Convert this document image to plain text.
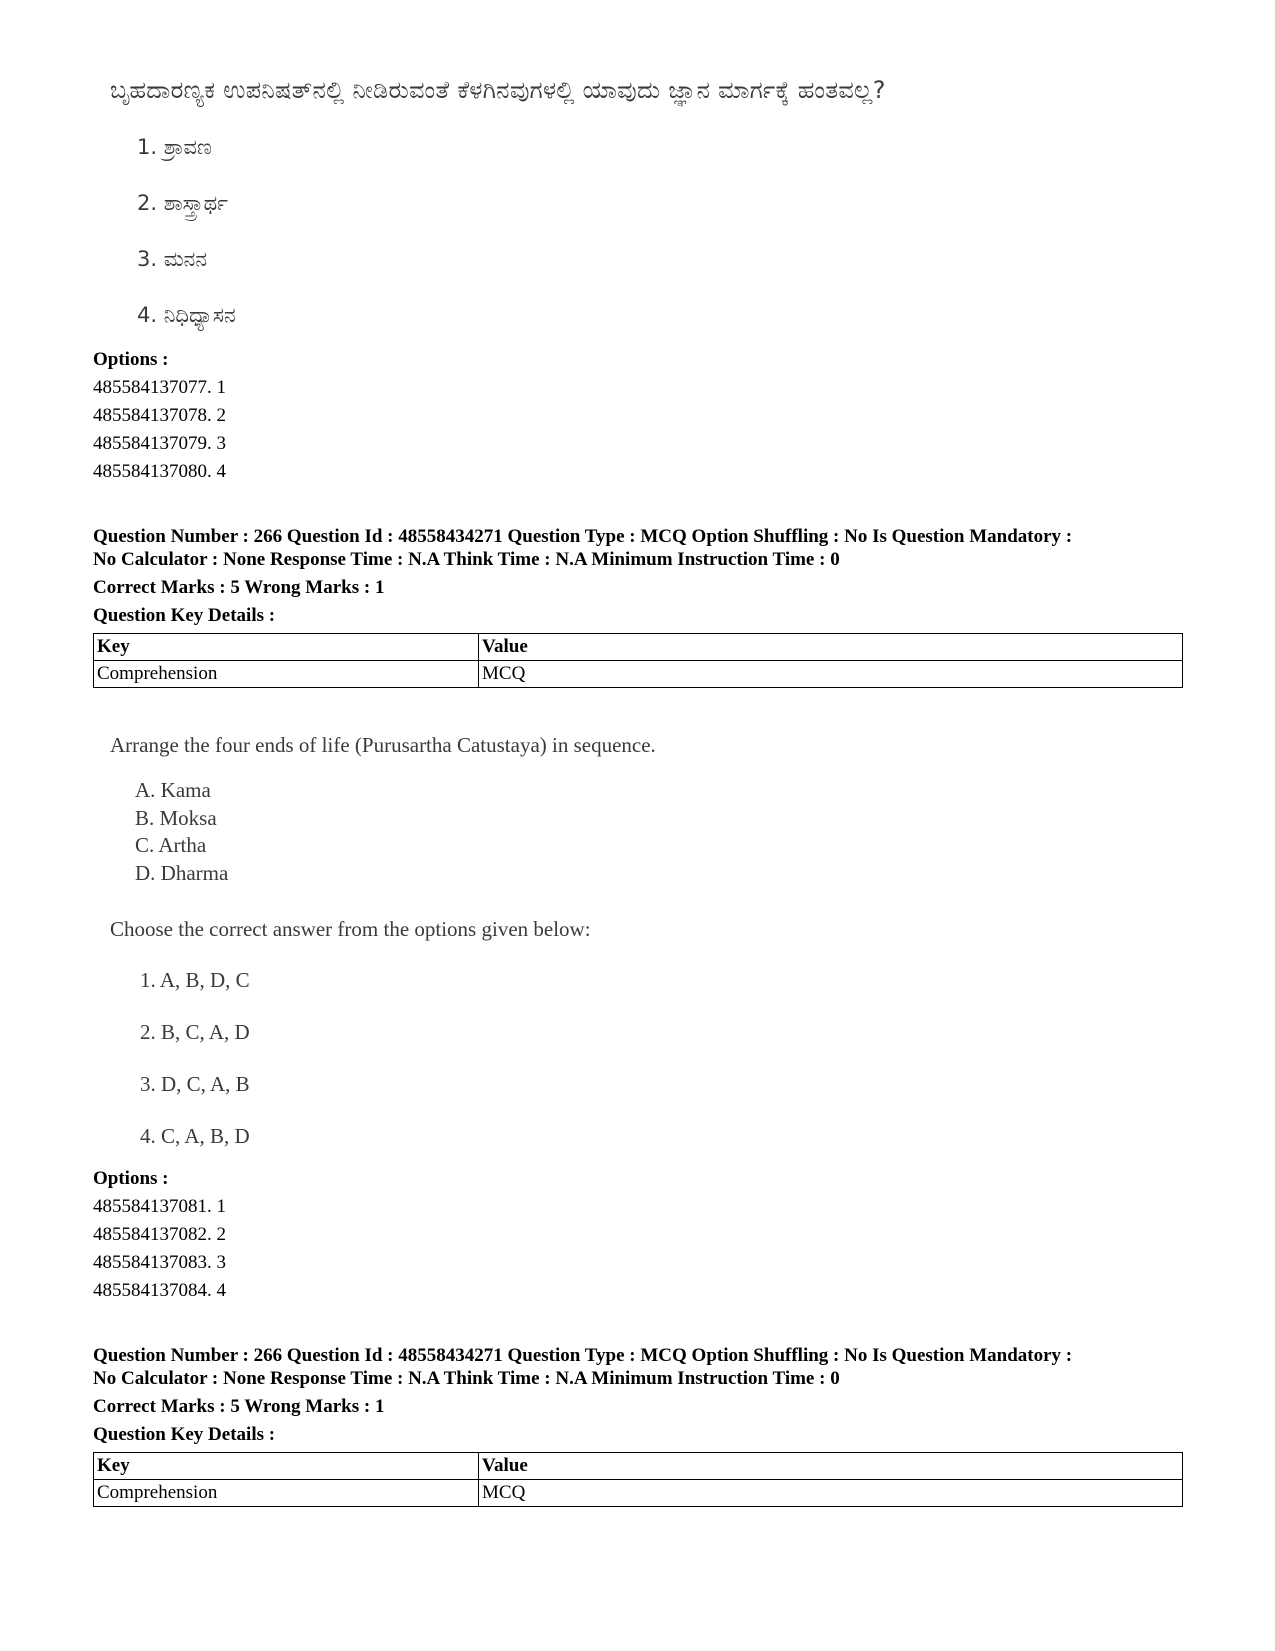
ಬೃಹದಾರಣ್ಯಕ ಉಪನಿಷತ್‌ನಲ್ಲಿ ನೀಡಿರುವಂತೆ ಕೆಳಗಿನವುಗಳಲ್ಲಿ ಯಾವುದು ಜ್ಞಾನ ಮಾರ್ಗಕ್ಕೆ ಹಂತವಲ್ಲ?
1. ಶ್ರಾವಣ
2. ಶಾಸ್ತ್ರಾರ್ಥ
3. ಮನನ
4. ನಿಧಿಧ್ಯಾಸನ
Options :
485584137077. 1
485584137078. 2
485584137079. 3
485584137080. 4
Question Number : 266 Question Id : 48558434271 Question Type : MCQ Option Shuffling : No Is Question Mandatory :
No Calculator : None Response Time : N.A Think Time : N.A Minimum Instruction Time : 0
Correct Marks : 5 Wrong Marks : 1
Question Key Details :
Key	Value
Comprehension	MCQ
Arrange the four ends of life (Purusartha Catustaya) in sequence.
A. Kama
B. Moksa
C. Artha
D. Dharma
Choose the correct answer from the options given below:
1. A, B, D, C
2. B, C, A, D
3. D, C, A, B
4. C, A, B, D
Options :
485584137081. 1
485584137082. 2
485584137083. 3
485584137084. 4
Question Number : 266 Question Id : 48558434271 Question Type : MCQ Option Shuffling : No Is Question Mandatory :
No Calculator : None Response Time : N.A Think Time : N.A Minimum Instruction Time : 0
Correct Marks : 5 Wrong Marks : 1
Question Key Details :
Key	Value
Comprehension	MCQ
